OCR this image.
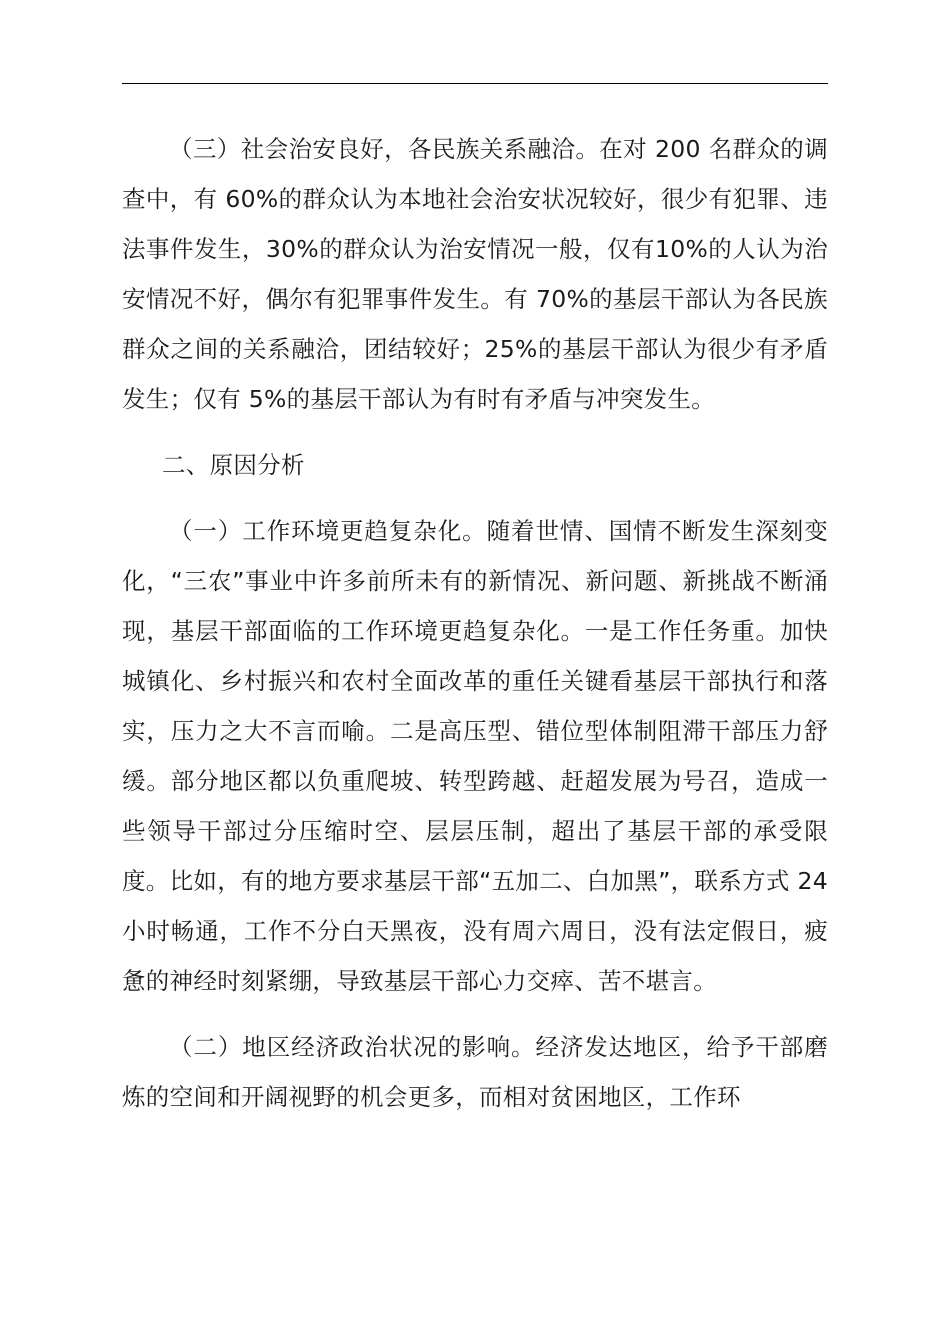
（三）社会治安良好，各民族关系融洽。在对 200 名群众的调查中，有 60%的群众认为本地社会治安状况较好，很少有犯罪、违法事件发生，30%的群众认为治安情况一般，仅有10%的人认为治安情况不好，偶尔有犯罪事件发生。有 70%的基层干部认为各民族群众之间的关系融洽，团结较好；25%的基层干部认为很少有矛盾发生；仅有 5%的基层干部认为有时有矛盾与冲突发生。

二、原因分析

（一）工作环境更趋复杂化。随着世情、国情不断发生深刻变化，“三农”事业中许多前所未有的新情况、新问题、新挑战不断涌现，基层干部面临的工作环境更趋复杂化。一是工作任务重。加快城镇化、乡村振兴和农村全面改革的重任关键看基层干部执行和落实，压力之大不言而喻。二是高压型、错位型体制阻滞干部压力舒缓。部分地区都以负重爬坡、转型跨越、赶超发展为号召，造成一些领导干部过分压缩时空、层层压制，超出了基层干部的承受限度。比如，有的地方要求基层干部“五加二、白加黑”，联系方式 24 小时畅通，工作不分白天黑夜，没有周六周日，没有法定假日，疲惫的神经时刻紧绷，导致基层干部心力交瘁、苦不堪言。

（二）地区经济政治状况的影响。经济发达地区，给予干部磨炼的空间和开阔视野的机会更多，而相对贫困地区，工作环
